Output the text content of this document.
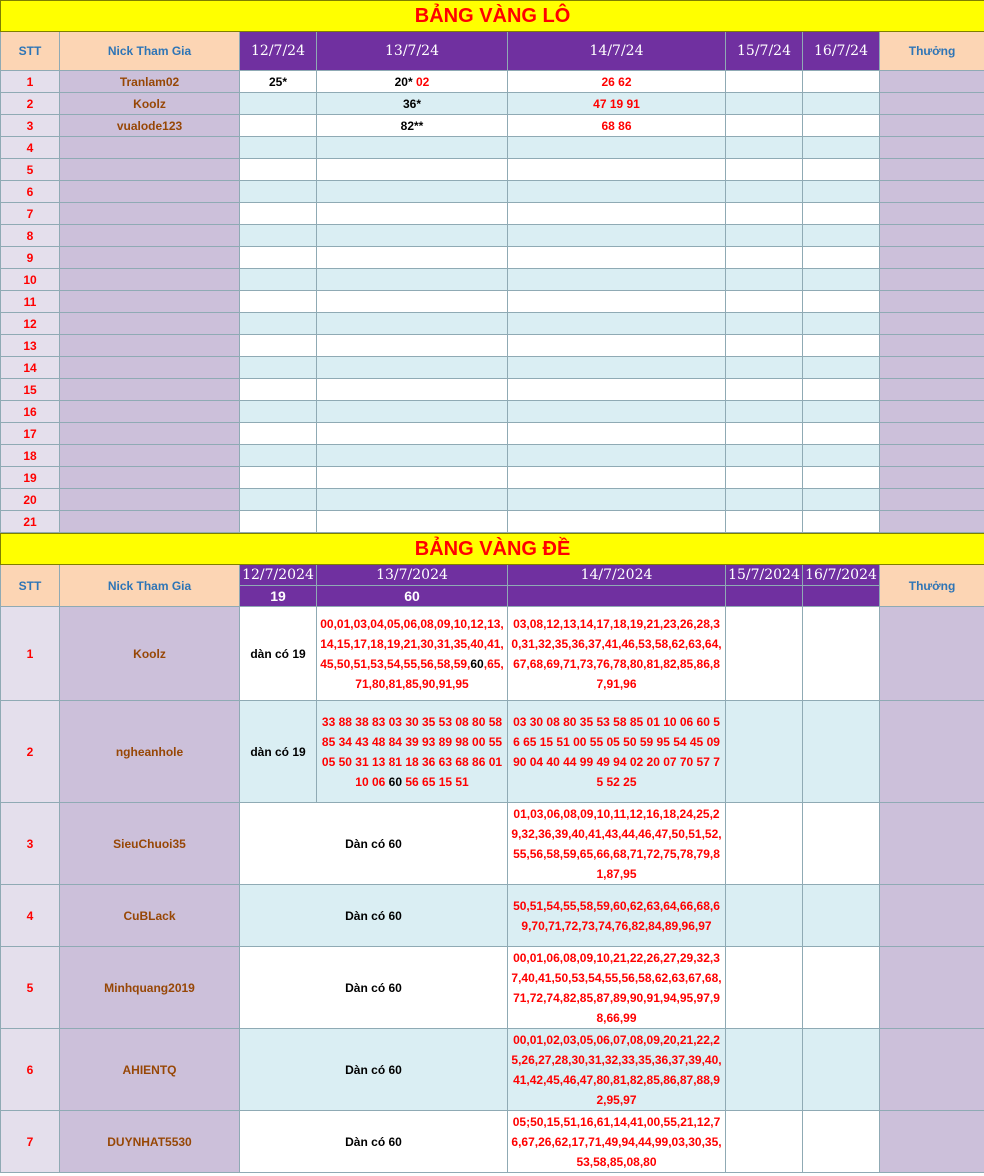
BẢNG VÀNG LÔ							
STT	Nick Tham Gia	12/7/24	13/7/24	14/7/24	15/7/24	16/7/24	Thưởng
1	Tranlam02	25*	20* 02	26 62			
2	Koolz		36*	47 19 91			
3	vualode123		82**	68 86			
4							
5							
6							
7							
8							
9							
10							
11							
12							
13							
14							
15							
16							
17							
18							
19							
20							
21							
BẢNG VÀNG ĐỀ							
STT	Nick Tham Gia	12/7/2024	13/7/2024	14/7/2024	15/7/2024	16/7/2024	Thưởng
		19	60				
1	Koolz	dàn có 19	00,01,03,04,05,06,08,09,10,12,13,14,15,17,18,19,21,30,31,35,40,41,45,50,51,53,54,55,56,58,59,60,65,71,80,81,85,90,91,95	03,08,12,13,14,17,18,19,21,23,26,28,30,31,32,35,36,37,41,46,53,58,62,63,64,67,68,69,71,73,76,78,80,81,82,85,86,87,91,96			
2	ngheanhole	dàn có 19	33 88 38 83 03 30 35 53 08 80 58 85 34 43 48 84 39 93 89 98 00 55 05 50 31 13 81 18 36 63 68 86 01 10 06 60 56 65 15 51	03 30 08 80 35 53 58 85 01 10 06 60 56 65 15 51 00 55 05 50 59 95 54 45 09 90 04 40 44 99 49 94 02 20 07 70 57 75 52 25			
3	SieuChuoi35	Dàn có 60		01,03,06,08,09,10,11,12,16,18,24,25,29,32,36,39,40,41,43,44,46,47,50,51,52,55,56,58,59,65,66,68,71,72,75,78,79,81,87,95			
4	CuBLack	Dàn có 60		50,51,54,55,58,59,60,62,63,64,66,68,69,70,71,72,73,74,76,82,84,89,96,97			
5	Minhquang2019	Dàn có 60		00,01,06,08,09,10,21,22,26,27,29,32,37,40,41,50,53,54,55,56,58,62,63,67,68,71,72,74,82,85,87,89,90,91,94,95,97,98,66,99			
6	AHIENTQ	Dàn có 60		00,01,02,03,05,06,07,08,09,20,21,22,25,26,27,28,30,31,32,33,35,36,37,39,40,41,42,45,46,47,80,81,82,85,86,87,88,92,95,97			
7	DUYNHAT5530	Dàn có 60		05;50,15,51,16,61,14,41,00,55,21,12,76,67,26,62,17,71,49,94,44,99,03,30,35,53,58,85,08,80			
